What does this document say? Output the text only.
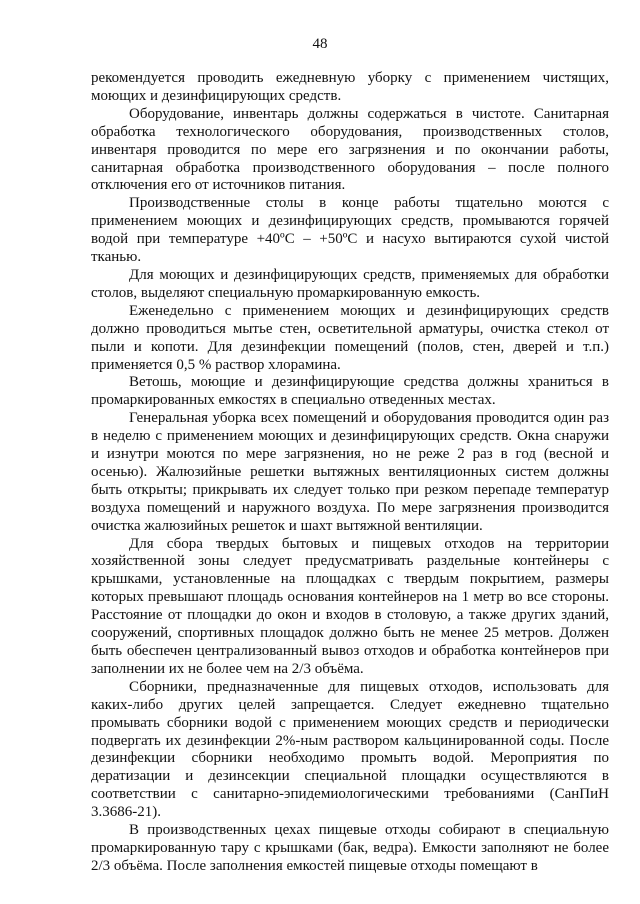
48

рекомендуется проводить ежедневную уборку с применением чистящих, моющих и дезинфицирующих средств.

Оборудование, инвентарь должны содержаться в чистоте. Санитарная обработка технологического оборудования, производственных столов, инвентаря проводится по мере его загрязнения и по окончании работы, санитарная обработка производственного оборудования – после полного отключения его от источников питания.

Производственные столы в конце работы тщательно моются с применением моющих и дезинфицирующих средств, промываются горячей водой при температуре +40ºС – +50ºС и насухо вытираются сухой чистой тканью.

Для моющих и дезинфицирующих средств, применяемых для обработки столов, выделяют специальную промаркированную емкость.

Еженедельно с применением моющих и дезинфицирующих средств должно проводиться мытье стен, осветительной арматуры, очистка стекол от пыли и копоти. Для дезинфекции помещений (полов, стен, дверей и т.п.) применяется 0,5 % раствор хлорамина.

Ветошь, моющие и дезинфицирующие средства должны храниться в промаркированных емкостях в специально отведенных местах.

Генеральная уборка всех помещений и оборудования проводится один раз в неделю с применением моющих и дезинфицирующих средств. Окна снаружи и изнутри моются по мере загрязнения, но не реже 2 раз в год (весной и осенью). Жалюзийные решетки вытяжных вентиляционных систем должны быть открыты; прикрывать их следует только при резком перепаде температур воздуха помещений и наружного воздуха. По мере загрязнения производится очистка жалюзийных решеток и шахт вытяжной вентиляции.

Для сбора твердых бытовых и пищевых отходов на территории хозяйственной зоны следует предусматривать раздельные контейнеры с крышками, установленные на площадках с твердым покрытием, размеры которых превышают площадь основания контейнеров на 1 метр во все стороны. Расстояние от площадки до окон и входов в столовую, а также других зданий, сооружений, спортивных площадок должно быть не менее 25 метров. Должен быть обеспечен централизованный вывоз отходов и обработка контейнеров при заполнении их не более чем на 2/3 объёма.

Сборники, предназначенные для пищевых отходов, использовать для каких-либо других целей запрещается. Следует ежедневно тщательно промывать сборники водой с применением моющих средств и периодически подвергать их дезинфекции 2%-ным раствором кальцинированной соды. После дезинфекции сборники необходимо промыть водой. Мероприятия по дератизации и дезинсекции специальной площадки осуществляются в соответствии с санитарно-эпидемиологическими требованиями (СанПиН 3.3686-21).

В производственных цехах пищевые отходы собирают в специальную промаркированную тару с крышками (бак, ведра). Емкости заполняют не более 2/3 объёма. После заполнения емкостей пищевые отходы помещают в
